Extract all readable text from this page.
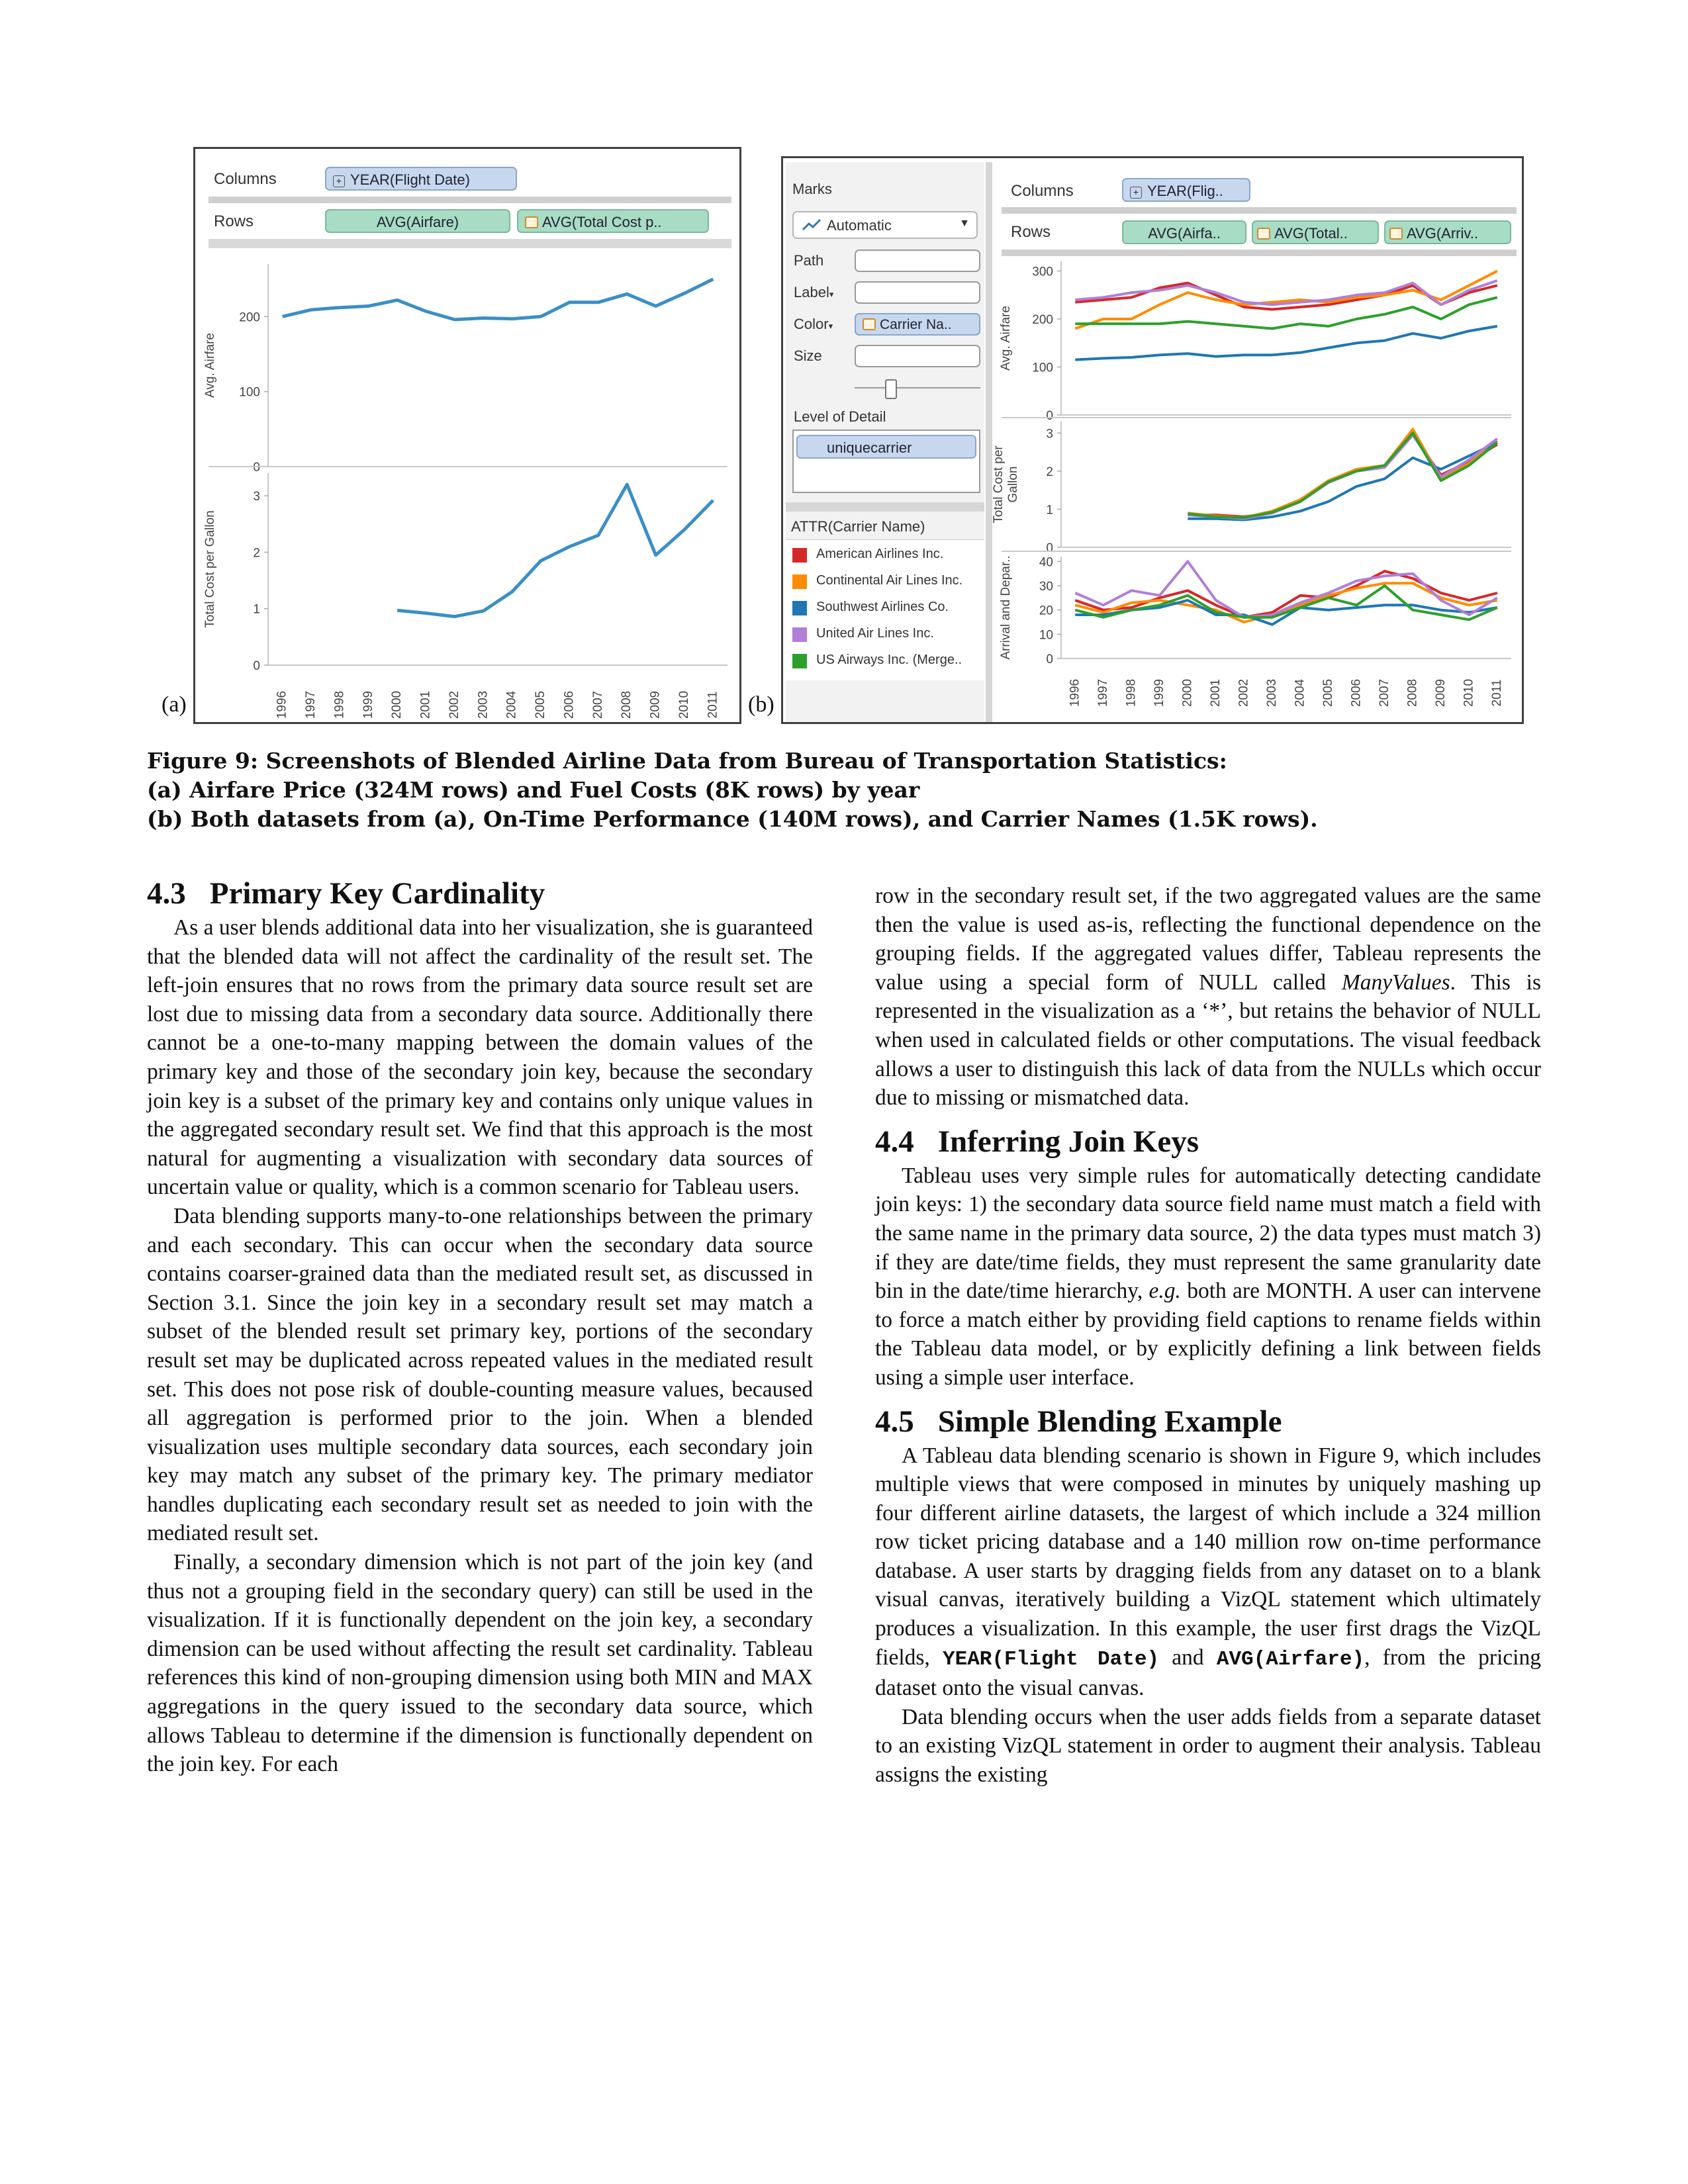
(a)
Columns	+ YEAR(Flight Date)
Rows	AVG(Airfare)	AVG(Total Cost p..
200
100
0
Avg. Airfare
3
2
1
0
Total Cost per Gallon
1996 1997 1998 1999 2000 2001 2002 2003 2004 2005 2006 2007 2008 2009 2010 2011 (b)
Marks
Automatic	▼
Path
Label▾
Color▾	Carrier Na..
Size
Level of Detail
uniquecarrier
ATTR(Carrier Name)
American Airlines Inc.
Continental Air Lines Inc.
Southwest Airlines Co.
United Air Lines Inc.
US Airways Inc. (Merge..
Columns	+ YEAR(Flig..
Rows	AVG(Airfa..	AVG(Total..	AVG(Arriv..
300
200
100
0
Avg. Airfare
3
2
1
0
Total Cost per Gallon
40
30
20
10
0
Arrival and Depar..
1996 1997 1998 1999 2000 2001 2002 2003 2004 2005 2006 2007 2008 2009 2010 2011
Figure 9: Screenshots of Blended Airline Data from Bureau of Transportation Statistics:
(a) Airfare Price (324M rows) and Fuel Costs (8K rows) by year
(b) Both datasets from (a), On-Time Performance (140M rows), and Carrier Names (1.5K rows).
4.3 Primary Key Cardinality

As a user blends additional data into her visualization, she is guaranteed that the blended data will not affect the cardinality of the result set. The left-join ensures that no rows from the primary data source result set are lost due to missing data from a secondary data source. Additionally there cannot be a one-to-many mapping between the domain values of the primary key and those of the secondary join key, because the secondary join key is a subset of the primary key and contains only unique values in the aggregated secondary result set. We find that this approach is the most natural for augmenting a visualization with secondary data sources of uncertain value or quality, which is a common scenario for Tableau users.

Data blending supports many-to-one relationships between the primary and each secondary. This can occur when the secondary data source contains coarser-grained data than the mediated result set, as discussed in Section 3.1. Since the join key in a secondary result set may match a subset of the blended result set primary key, portions of the secondary result set may be duplicated across repeated values in the mediated result set. This does not pose risk of double-counting measure values, becaused all aggregation is performed prior to the join. When a blended visualization uses multiple secondary data sources, each secondary join key may match any subset of the primary key. The primary mediator handles duplicating each secondary result set as needed to join with the mediated result set.

Finally, a secondary dimension which is not part of the join key (and thus not a grouping field in the secondary query) can still be used in the visualization. If it is functionally dependent on the join key, a secondary dimension can be used without affecting the result set cardinality. Tableau references this kind of non-grouping dimension using both MIN and MAX aggregations in the query issued to the secondary data source, which allows Tableau to determine if the dimension is functionally dependent on the join key. For each

row in the secondary result set, if the two aggregated values are the same then the value is used as-is, reflecting the functional dependence on the grouping fields. If the aggregated values differ, Tableau represents the value using a special form of NULL called ManyValues. This is represented in the visualization as a ‘*’, but retains the behavior of NULL when used in calculated fields or other computations. The visual feedback allows a user to distinguish this lack of data from the NULLs which occur due to missing or mismatched data.

4.4 Inferring Join Keys

Tableau uses very simple rules for automatically detecting candidate join keys: 1) the secondary data source field name must match a field with the same name in the primary data source, 2) the data types must match 3) if they are date/time fields, they must represent the same granularity date bin in the date/time hierarchy, e.g. both are MONTH. A user can intervene to force a match either by providing field captions to rename fields within the Tableau data model, or by explicitly defining a link between fields using a simple user interface.

4.5 Simple Blending Example

A Tableau data blending scenario is shown in Figure 9, which includes multiple views that were composed in minutes by uniquely mashing up four different airline datasets, the largest of which include a 324 million row ticket pricing database and a 140 million row on-time performance database. A user starts by dragging fields from any dataset on to a blank visual canvas, iteratively building a VizQL statement which ultimately produces a visualization. In this example, the user first drags the VizQL fields, YEAR(Flight Date) and AVG(Airfare), from the pricing dataset onto the visual canvas.

Data blending occurs when the user adds fields from a separate dataset to an existing VizQL statement in order to augment their analysis. Tableau assigns the existing
